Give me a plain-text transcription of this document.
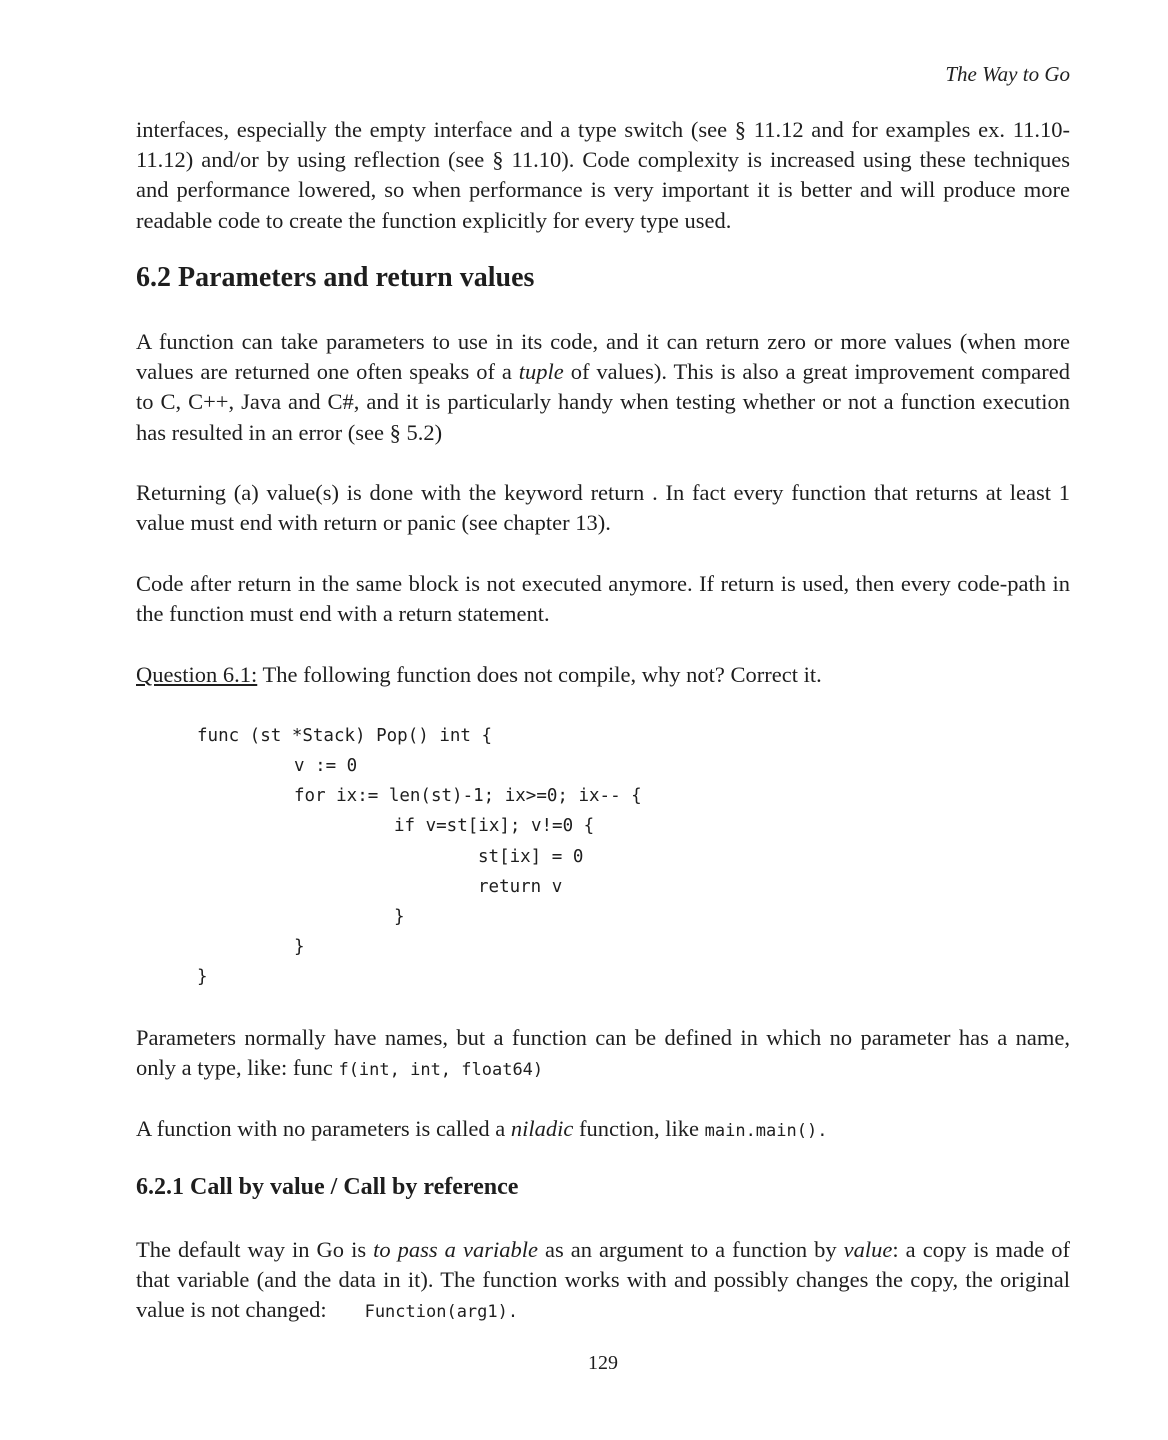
The Way to Go

interfaces, especially the empty interface and a type switch (see § 11.12 and for examples ex. 11.10-11.12) and/or by using reflection (see § 11.10). Code complexity is increased using these techniques and performance lowered, so when performance is very important it is better and will produce more readable code to create the function explicitly for every type used.

6.2 Parameters and return values

A function can take parameters to use in its code, and it can return zero or more values (when more values are returned one often speaks of a tuple of values). This is also a great improvement compared to C, C++, Java and C#, and it is particularly handy when testing whether or not a function execution has resulted in an error (see § 5.2)

Returning (a) value(s) is done with the keyword return . In fact every function that returns at least 1 value must end with return or panic (see chapter 13).

Code after return in the same block is not executed anymore. If return is used, then every code-path in the function must end with a return statement.

Question 6.1: The following function does not compile, why not? Correct it.

func (st *Stack) Pop() int {
v := 0
for ix:= len(st)-1; ix>=0; ix-- {
if v=st[ix]; v!=0 {
st[ix] = 0
return v
}
}
}

Parameters normally have names, but a function can be defined in which no parameter has a name, only a type, like: func f(int, int, float64)

A function with no parameters is called a niladic function, like main.main().

6.2.1 Call by value / Call by reference

The default way in Go is to pass a variable as an argument to a function by value: a copy is made of that variable (and the data in it). The function works with and possibly changes the copy, the original value is not changed: Function(arg1).

129
